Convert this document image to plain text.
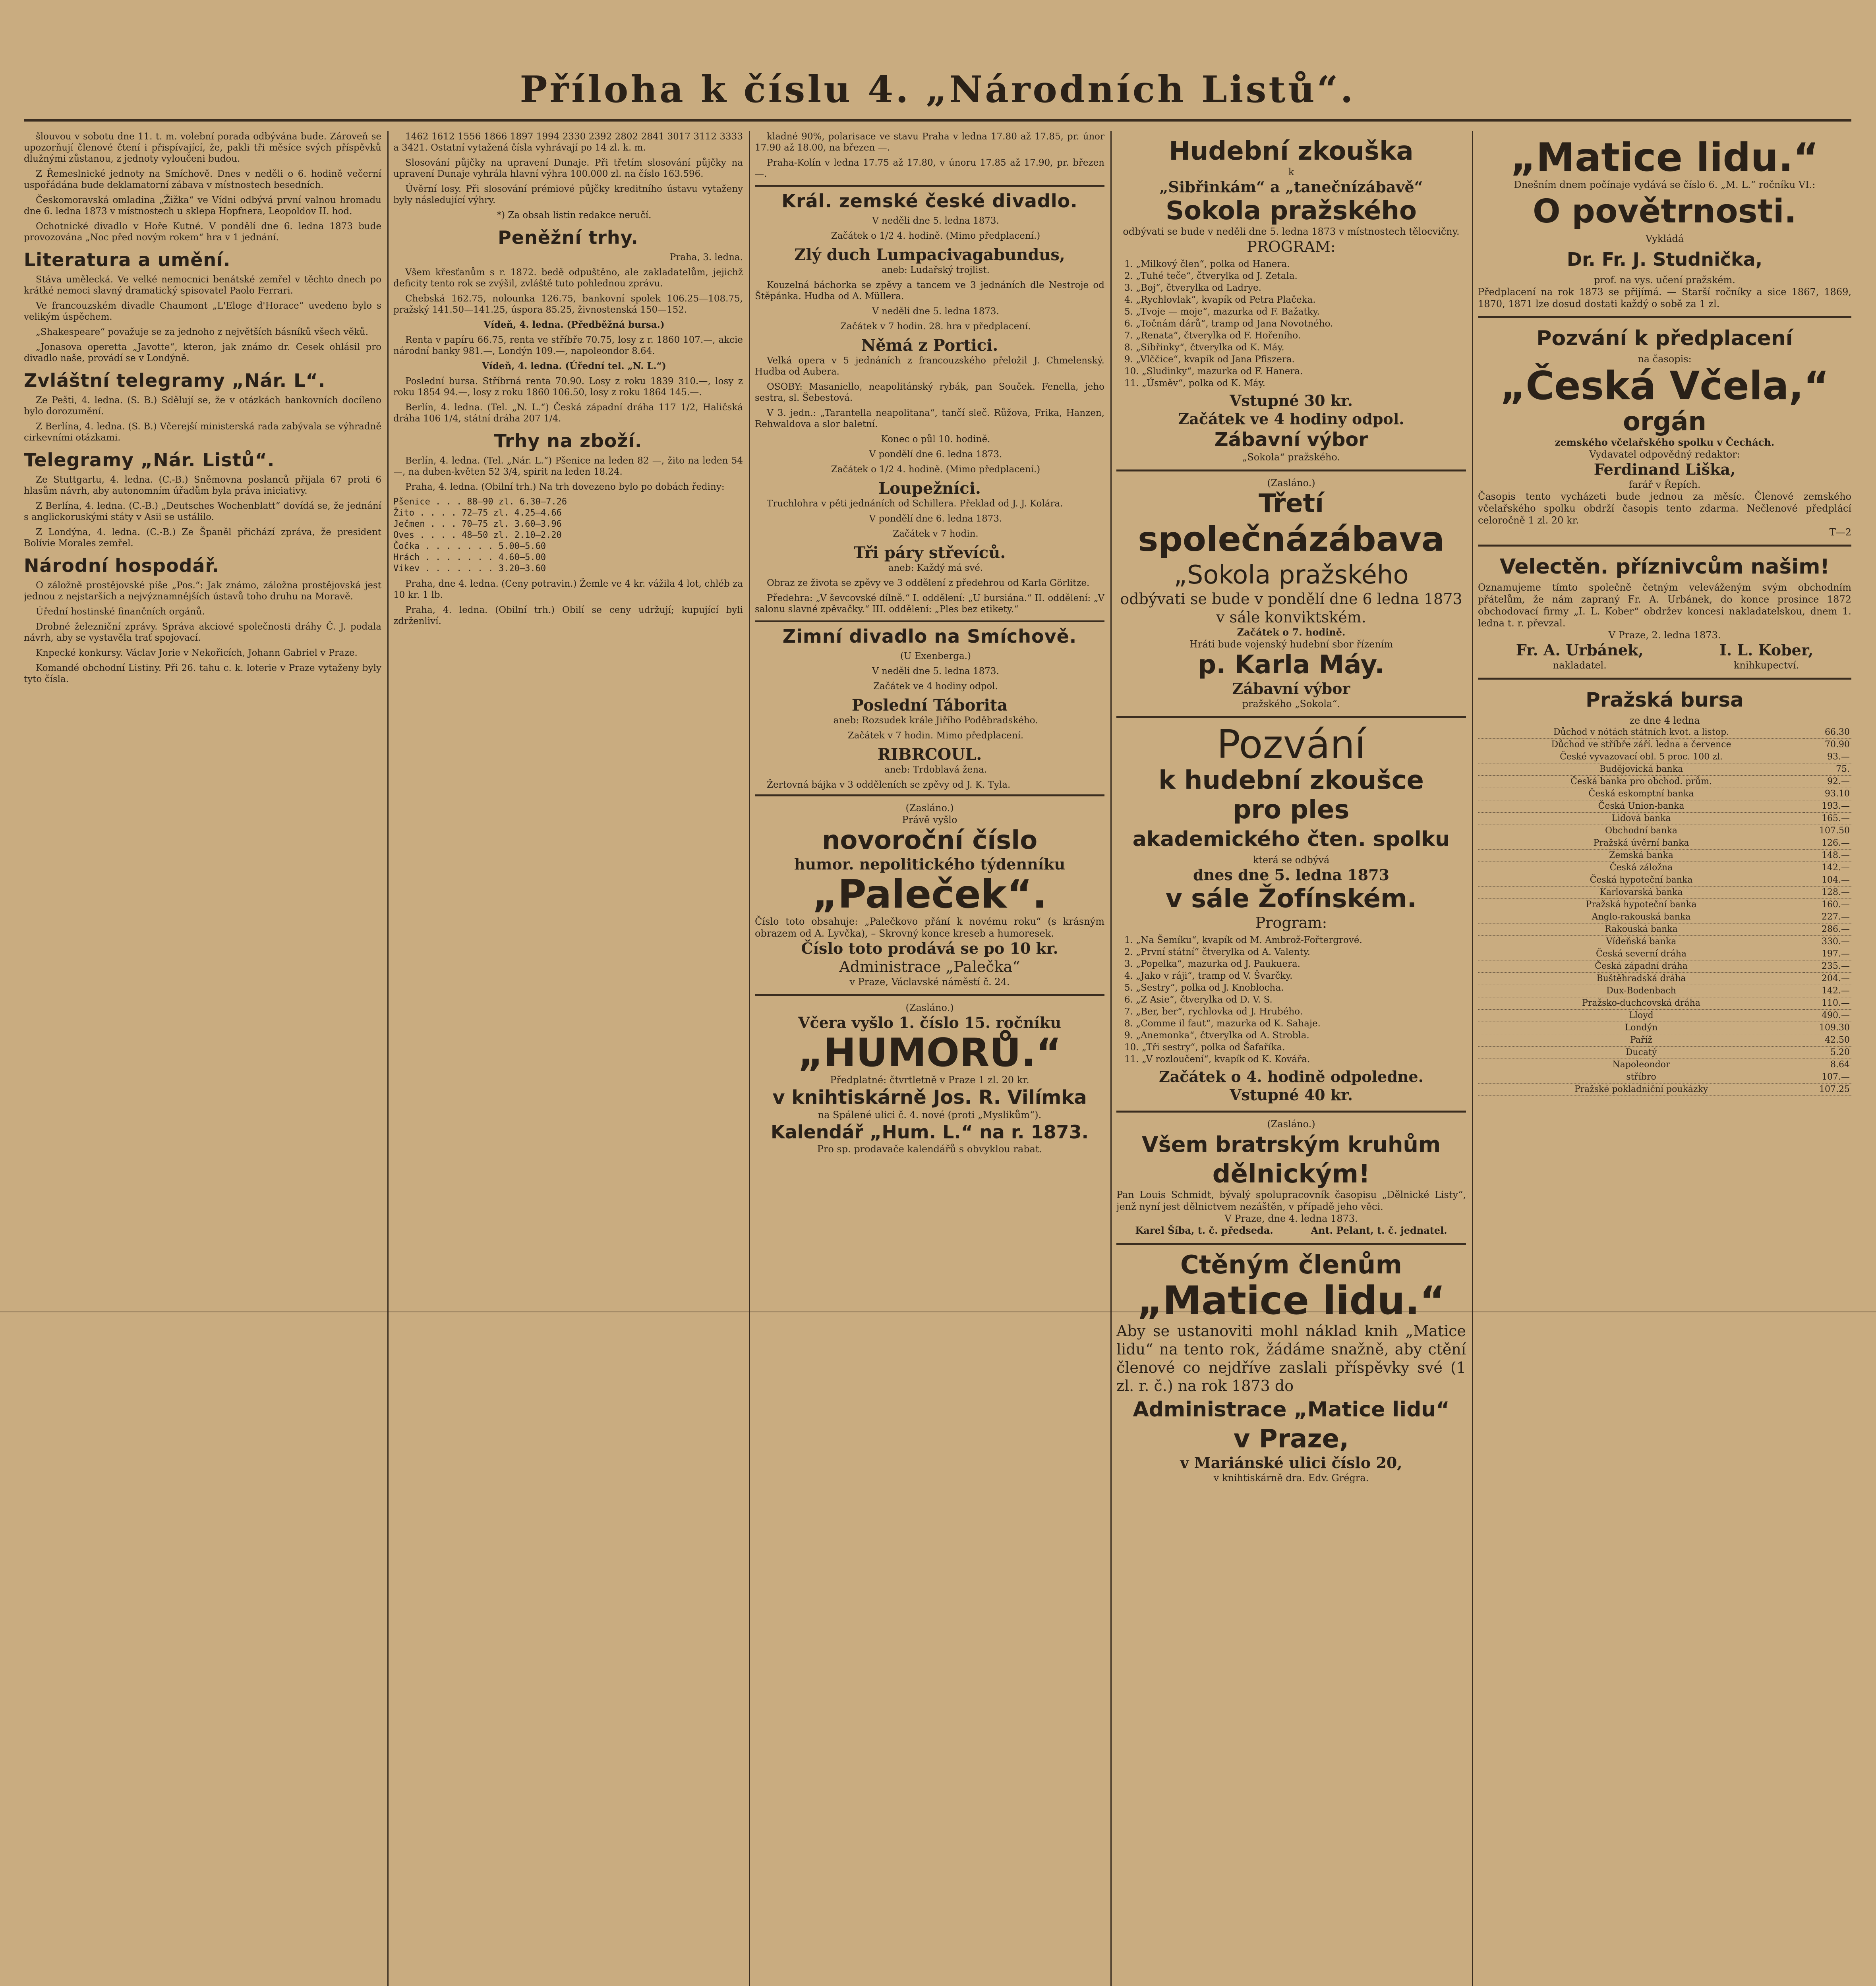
Příloha k číslu 4. „Národních Listů“.

šlouvou v sobotu dne 11. t. m. volební porada odbývána bude. Zároveň se upozorňují členové čtení i přispívající, že, pakli tři měsíce svých příspěvků dlužnými zůstanou, z jednoty vyloučeni budou.

Z Řemeslnické jednoty na Smíchově. Dnes v neděli o 6. hodině večerní uspořádána bude deklamatorní zábava v místnostech besedních.

Českomoravská omladina „Žižka“ ve Vídni odbývá první valnou hromadu dne 6. ledna 1873 v místnostech u sklepa Hopfnera, Leopoldov II. hod.

Ochotnické divadlo v Hoře Kutné. V pondělí dne 6. ledna 1873 bude provozována „Noc před novým rokem“ hra v 1 jednání.

Literatura a umění.

Stáva umělecká. Ve velké nemocnici benátské zemřel v těchto dnech po krátké nemoci slavný dramatický spisovatel Paolo Ferrari.

Ve francouzském divadle Chaumont „L'Eloge d'Horace“ uvedeno bylo s velikým úspěchem.

„Shakespeare“ považuje se za jednoho z největších básníků všech věků.

„Jonasova operetta „Javotte“, kteron, jak známo dr. Cesek ohlásil pro divadlo naše, provádí se v Londýně.

Zvláštní telegramy „Nár. L“.

Ze Pešti, 4. ledna. (S. B.) Sdělují se, že v otázkách bankovních docíleno bylo dorozumění.

Z Berlína, 4. ledna. (S. B.) Včerejší ministerská rada zabývala se výhradně cirkevními otázkami.

Telegramy „Nár. Listů“.

Ze Stuttgartu, 4. ledna. (C.-B.) Sněmovna poslanců přijala 67 proti 6 hlasům návrh, aby autonomním úřadům byla práva iniciativy.

Z Berlína, 4. ledna. (C.-B.) „Deutsches Wochenblatt“ dovídá se, že jednání s anglickoruskými státy v Asii se ustálilo.

Z Londýna, 4. ledna. (C.-B.) Ze Španěl přichází zpráva, že president Bolívie Morales zemřel.

Národní hospodář.

O záložně prostějovské píše „Pos.“: Jak známo, záložna prostějovská jest jednou z nejstarších a nejvýznamnějších ústavů toho druhu na Moravě.

Úřední hostinské finančních orgánů.

Drobné železniční zprávy. Správa akciové společnosti dráhy Č. J. podala návrh, aby se vystavěla trať spojovací.

Knpecké konkursy. Václav Jorie v Nekořicích, Johann Gabriel v Praze.

Komandé obchodní Listiny. Při 26. tahu c. k. loterie v Praze vytaženy byly tyto čísla.

1462 1612 1556 1866 1897 1994 2330 2392 2802 2841 3017 3112 3333 a 3421. Ostatní vytažená čísla vyhrávají po 14 zl. k. m.

Slosování půjčky na upravení Dunaje. Při třetím slosování půjčky na upravení Dunaje vyhrála hlavní výhra 100.000 zl. na číslo 163.596.

Úvěrní losy. Při slosování prémiové půjčky kreditního ústavu vytaženy byly následující výhry.

*) Za obsah listin redakce neručí.

Peněžní trhy.

Praha, 3. ledna.

Všem křesťanům s r. 1872. bedě odpuštěno, ale zakladatelům, jejichž deficity tento rok se zvýšil, zvláště tuto pohlednou zprávu.

Chebská 162.75, nolounka 126.75, bankovní spolek 106.25—108.75, pražský 141.50—141.25, úspora 85.25, živnostenská 150—152.

Vídeň, 4. ledna. (Předběžná bursa.)

Renta v papíru 66.75, renta ve stříbře 70.75, losy z r. 1860 107.—, akcie národní banky 981.—, Londýn 109.—, napoleondor 8.64.

Vídeň, 4. ledna. (Úřední tel. „N. L.“)

Poslední bursa. Stříbrná renta 70.90. Losy z roku 1839 310.—, losy z roku 1854 94.—, losy z roku 1860 106.50, losy z roku 1864 145.—.

Berlín, 4. ledna. (Tel. „N. L.“) Česká západní dráha 117 1/2, Haličská dráha 106 1/4, státní dráha 207 1/4.

Trhy na zboží.

Berlín, 4. ledna. (Tel. „Nár. L.“) Pšenice na leden 82 —, žito na leden 54 —, na duben-květen 52 3/4, spirit na leden 18.24.

Praha, 4. ledna. (Obilní trh.) Na trh dovezeno bylo po dobách řediny:

Pšenice . . . 88—90 zl. 6.30—7.26
Žito . . . . 72—75 zl. 4.25—4.66
Ječmen . . . 70—75 zl. 3.60—3.96
Oves . . . . 48—50 zl. 2.10—2.20
Čočka . . . . . . . 5.00—5.60
Hrách . . . . . . . 4.60—5.00
Vikev . . . . . . . 3.20—3.60

Praha, dne 4. ledna. (Ceny potravin.) Žemle ve 4 kr. vážila 4 lot, chléb za 10 kr. 1 lb.

Praha, 4. ledna. (Obilní trh.) Obilí se ceny udržují; kupující byli zdrženliví.

kladné 90%, polarisace ve stavu Praha v ledna 17.80 až 17.85, pr. únor 17.90 až 18.00, na březen —.

Praha-Kolín v ledna 17.75 až 17.80, v únoru 17.85 až 17.90, pr. březen —.

Král. zemské české divadlo.

V neděli dne 5. ledna 1873.

Začátek o 1/2 4. hodině. (Mimo předplacení.)

Zlý duch Lumpacivagabundus,

aneb: Ludařský trojlist.

Kouzelná báchorka se zpěvy a tancem ve 3 jednáních dle Nestroje od Štěpánka. Hudba od A. Müllera.

V neděli dne 5. ledna 1873.

Začátek v 7 hodin. 28. hra v předplacení.

Němá z Portici.

Velká opera v 5 jednáních z francouzského přeložil J. Chmelenský. Hudba od Aubera.

OSOBY: Masaniello, neapolitánský rybák, pan Souček. Fenella, jeho sestra, sl. Šebestová.

V 3. jedn.: „Tarantella neapolitana“, tančí sleč. Růžova, Frika, Hanzen, Rehwaldova a slor baletní.

Konec o půl 10. hodině.

V pondělí dne 6. ledna 1873.

Začátek o 1/2 4. hodině. (Mimo předplacení.)

Loupežníci.

Truchlohra v pěti jednáních od Schillera. Překlad od J. J. Kolára.

V pondělí dne 6. ledna 1873.

Začátek v 7 hodin.

Tři páry střevíců.

aneb: Každý má své.

Obraz ze života se zpěvy ve 3 oddělení z předehrou od Karla Görlitze.

Předehra: „V ševcovské dílně.“ I. oddělení: „U bursiána.“ II. oddělení: „V salonu slavné zpěvačky.“ III. oddělení: „Ples bez etikety.“

Zimní divadlo na Smíchově.

(U Exenberga.)

V neděli dne 5. ledna 1873.

Začátek ve 4 hodiny odpol.

Poslední Táborita

aneb: Rozsudek krále Jiřího Poděbradského.

Začátek v 7 hodin. Mimo předplacení.

RIBRCOUL.

aneb: Trdoblavá žena.

Žertovná bájka v 3 odděleních se zpěvy od J. K. Tyla.

(Zasláno.)
Právě vyšlo
novoroční číslo
humor. nepolitického týdenníku
„Paleček“.
Číslo toto obsahuje: „Palečkovo přání k novému roku“ (s krásným obrazem od A. Lyvčka), – Skrovný konce kreseb a humoresek.
Číslo toto prodává se po 10 kr.
Administrace „Palečka“
v Praze, Václavské náměstí č. 24.
(Zasláno.)
Včera vyšlo 1. číslo 15. ročníku
„HUMORŮ.“
Předplatné: čtvrtletně v Praze 1 zl. 20 kr.
v knihtiskárně Jos. R. Vilímka
na Spálené ulici č. 4. nové (proti „Myslikům“).
Kalendář „Hum. L.“ na r. 1873.
Pro sp. prodavače kalendářů s obvyklou rabat.
Hudební zkouška
k
„Sibřinkám“ a „tanečnízábavě“
Sokola pražského
odbývati se bude v neděli dne 5. ledna 1873 v místnostech tělocvičny.
PROGRAM:
1. „Milkový člen“, polka od Hanera.
2. „Tuhé teče“, čtverylka od J. Zetala.
3. „Boj“, čtverylka od Ladrye.
4. „Rychlovlak“, kvapík od Petra Plačeka.
5. „Tvoje — moje“, mazurka od F. Bažatky.
6. „Točnám dárů“, tramp od Jana Novotného.
7. „Renata“, čtverylka od F. Hořeního.
8. „Sibřinky“, čtverylka od K. Máy.
9. „Vlččice“, kvapík od Jana Pfiszera.
10. „Sludinky“, mazurka od F. Hanera.
11. „Úsměv“, polka od K. Máy.
Vstupné 30 kr.
Začátek ve 4 hodiny odpol.
Zábavní výbor
„Sokola“ pražského.
(Zasláno.)
Třetí
společnázábava
„Sokola pražského
odbývati se bude v pondělí dne 6 ledna 1873 v sále konviktském.
Začátek o 7. hodině.
Hráti bude vojenský hudební sbor řízením
p. Karla Máy.
Zábavní výbor
pražského „Sokola“.
Pozvání
k hudební zkoušce
pro ples
akademického čten. spolku
která se odbývá
dnes dne 5. ledna 1873
v sále Žofínském.
Program:
1. „Na Šemíku“, kvapík od M. Ambrož-Fořtergrové.
2. „První státní“ čtverylka od A. Valenty.
3. „Popelka“, mazurka od J. Paukuera.
4. „Jako v ráji“, tramp od V. Švarčky.
5. „Sestry“, polka od J. Knoblocha.
6. „Z Asie“, čtverylka od D. V. S.
7. „Ber, ber“, rychlovka od J. Hrubého.
8. „Comme il faut“, mazurka od K. Sahaje.
9. „Anemonka“, čtverylka od A. Strobla.
10. „Tři sestry“, polka od Šafaříka.
11. „V rozloučení“, kvapík od K. Kovářa.
Začátek o 4. hodině odpoledne.
Vstupné 40 kr.
(Zasláno.)
Všem bratrským kruhům
dělnickým!
Pan Louis Schmidt, bývalý spolupracovník časopisu „Dělnické Listy“, jenž nyní jest dělnictvem nezáštěn, v případě jeho věci.
V Praze, dne 4. ledna 1873.
Karel Šíba, t. č. předseda.	Ant. Pelant, t. č. jednatel.
Ctěným členům
„Matice lidu.“
Aby se ustanoviti mohl náklad knih „Matice lidu“ na tento rok, žádáme snažně, aby ctění členové co nejdříve zaslali příspěvky své (1 zl. r. č.) na rok 1873 do
Administrace „Matice lidu“
v Praze,
v Mariánské ulici číslo 20,
v knihtiskárně dra. Edv. Grégra.
„Matice lidu.“
Dnešním dnem počínaje vydává se číslo 6. „M. L.“ ročníku VI.:
O povětrnosti.
Vykládá
Dr. Fr. J. Studnička,
prof. na vys. učení pražském.
Předplacení na rok 1873 se přijímá. — Starší ročníky a sice 1867, 1869, 1870, 1871 lze dosud dostati každý o sobě za 1 zl.
Pozvání k předplacení
na časopis:
„Česká Včela,“
orgán
zemského včelařského spolku v Čechách.
Vydavatel odpovědný redaktor:
Ferdinand Liška,
farář v Řepích.
Časopis tento vycházeti bude jednou za měsíc. Členové zemského včelařského spolku obdrží časopis tento zdarma. Nečlenové předplácí celoročně 1 zl. 20 kr.
T—2
Velectěn. příznivcům našim!
Oznamujeme tímto společně četným veleváženým svým obchodním přátelům, že nám zapraný Fr. A. Urbánek, do konce prosince 1872 obchodovací firmy „I. L. Kober“ obdržev koncesi nakladatelskou, dnem 1. ledna t. r. převzal.
V Praze, 2. ledna 1873.
Fr. A. Urbánek,
nakladatel.
I. L. Kober,
knihkupectví.
Pražská bursa
ze dne 4 ledna
Důchod v nótách státních kvot. a listop.	66.30
Důchod ve stříbře září. ledna a července	70.90
České vyvazovací obl. 5 proc. 100 zl.	93.—
Budějovická banka	75.
Česká banka pro obchod. prům.	92.—
Česká eskomptní banka	93.10
Česká Union-banka	193.—
Lidová banka	165.—
Obchodní banka	107.50
Pražská úvěrní banka	126.—
Zemská banka	148.—
Česká záložna	142.—
Česká hypoteční banka	104.—
Karlovarská banka	128.—
Pražská hypoteční banka	160.—
Anglo-rakouská banka	227.—
Rakouská banka	286.—
Vídeňská banka	330.—
Česká severní dráha	197.—
Česká západní dráha	235.—
Buštěhradská dráha	204.—
Dux-Bodenbach	142.—
Pražsko-duchcovská dráha	110.—
Lloyd	490.—
Londýn	109.30
Paříž	42.50
Ducatý	5.20
Napoleondor	8.64
stříbro	107.—
Pražské pokladniční poukázky	107.25
